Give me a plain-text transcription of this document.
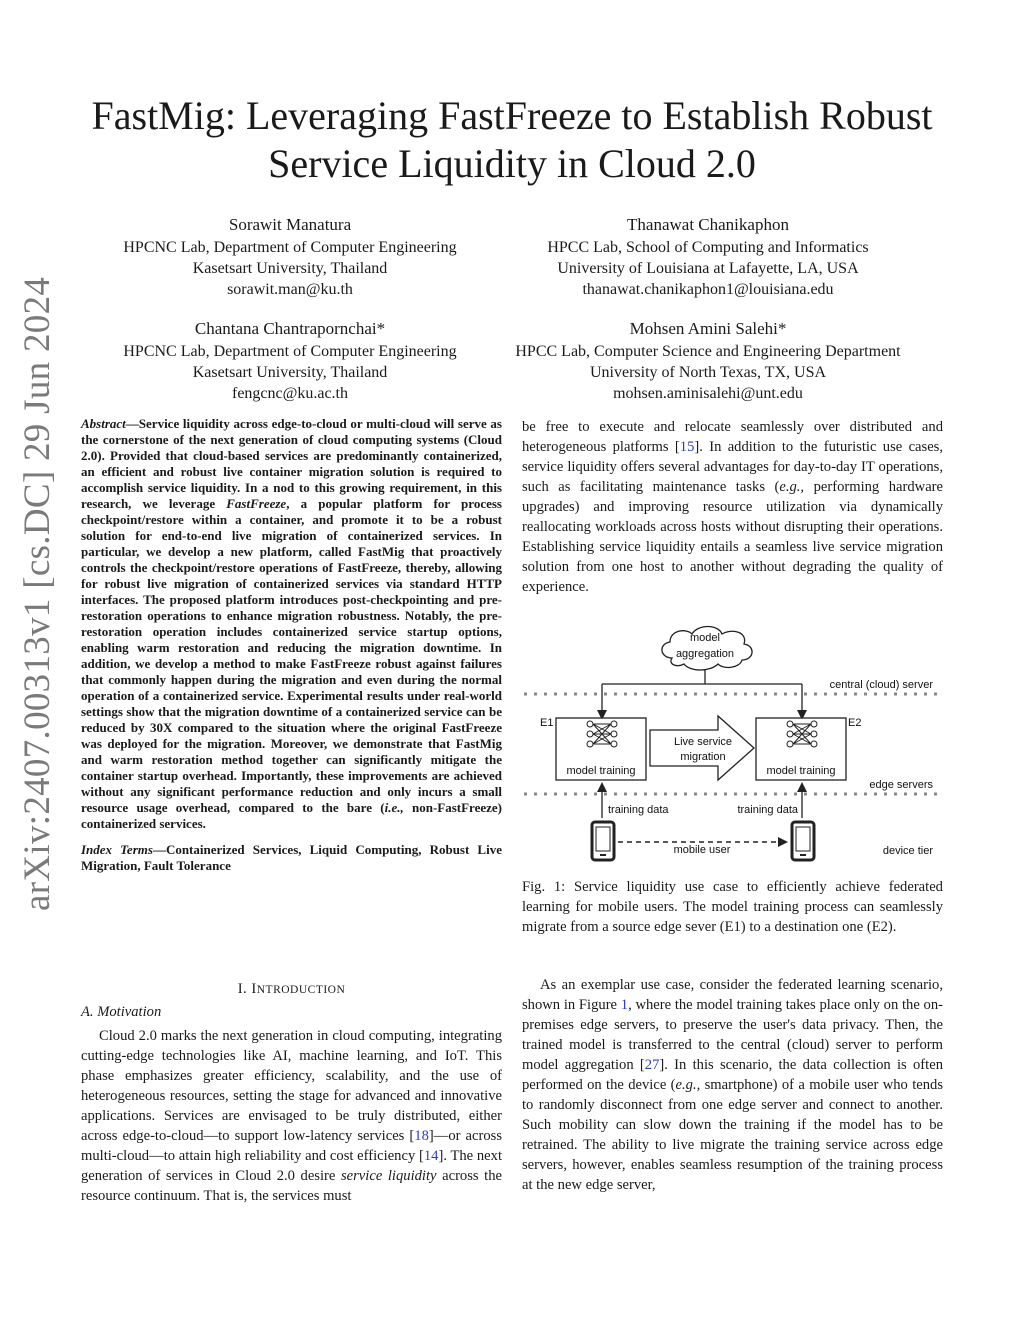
arXiv:2407.00313v1 [cs.DC] 29 Jun 2024
FastMig: Leveraging FastFreeze to Establish Robust Service Liquidity in Cloud 2.0
Sorawit Manatura
HPCNC Lab, Department of Computer Engineering
Kasetsart University, Thailand
sorawit.man@ku.th
Thanawat Chanikaphon
HPCC Lab, School of Computing and Informatics
University of Louisiana at Lafayette, LA, USA
thanawat.chanikaphon1@louisiana.edu
Chantana Chantrapornchai*
HPCNC Lab, Department of Computer Engineering
Kasetsart University, Thailand
fengcnc@ku.ac.th
Mohsen Amini Salehi*
HPCC Lab, Computer Science and Engineering Department
University of North Texas, TX, USA
mohsen.aminisalehi@unt.edu

Abstract—Service liquidity across edge-to-cloud or multi-cloud will serve as the cornerstone of the next generation of cloud computing systems (Cloud 2.0). Provided that cloud-based services are predominantly containerized, an efficient and robust live container migration solution is required to accomplish service liquidity. In a nod to this growing requirement, in this research, we leverage FastFreeze, a popular platform for process checkpoint/restore within a container, and promote it to be a robust solution for end-to-end live migration of containerized services. In particular, we develop a new platform, called FastMig that proactively controls the checkpoint/restore operations of FastFreeze, thereby, allowing for robust live migration of containerized services via standard HTTP interfaces. The proposed platform introduces post-checkpointing and pre-restoration operations to enhance migration robustness. Notably, the pre-restoration operation includes containerized service startup options, enabling warm restoration and reducing the migration downtime. In addition, we develop a method to make FastFreeze robust against failures that commonly happen during the migration and even during the normal operation of a containerized service. Experimental results under real-world settings show that the migration downtime of a containerized service can be reduced by 30X compared to the situation where the original FastFreeze was deployed for the migration. Moreover, we demonstrate that FastMig and warm restoration method together can significantly mitigate the container startup overhead. Importantly, these improvements are achieved without any significant performance reduction and only incurs a small resource usage overhead, compared to the bare (i.e., non-FastFreeze) containerized services.

Index Terms—Containerized Services, Liquid Computing, Robust Live Migration, Fault Tolerance

I. INTRODUCTION
A. Motivation

Cloud 2.0 marks the next generation in cloud computing, integrating cutting-edge technologies like AI, machine learning, and IoT. This phase emphasizes greater efficiency, scalability, and the use of heterogeneous resources, setting the stage for advanced and innovative applications. Services are envisaged to be truly distributed, either across edge-to-cloud—to support low-latency services [18]—or across multi-cloud—to attain high reliability and cost efficiency [14]. The next generation of services in Cloud 2.0 desire service liquidity across the resource continuum. That is, the services must

be free to execute and relocate seamlessly over distributed and heterogeneous platforms [15]. In addition to the futuristic use cases, service liquidity offers several advantages for day-to-day IT operations, such as facilitating maintenance tasks (e.g., performing hardware upgrades) and improving resource utilization via dynamically reallocating workloads across hosts without disrupting their operations. Establishing service liquidity entails a seamless live service migration solution from one host to another without degrading the quality of experience.

model
aggregation
central (cloud) server
E1
model training
E2
model training
Live service
migration
edge servers
training data	training data
mobile user	device tier

Fig. 1: Service liquidity use case to efficiently achieve federated learning for mobile users. The model training process can seamlessly migrate from a source edge sever (E1) to a destination one (E2).

As an exemplar use case, consider the federated learning scenario, shown in Figure 1, where the model training takes place only on the on-premises edge servers, to preserve the user's data privacy. Then, the trained model is transferred to the central (cloud) server to perform model aggregation [27]. In this scenario, the data collection is often performed on the device (e.g., smartphone) of a mobile user who tends to randomly disconnect from one edge server and connect to another. Such mobility can slow down the training if the model has to be retrained. The ability to live migrate the training service across edge servers, however, enables seamless resumption of the training process at the new edge server,
